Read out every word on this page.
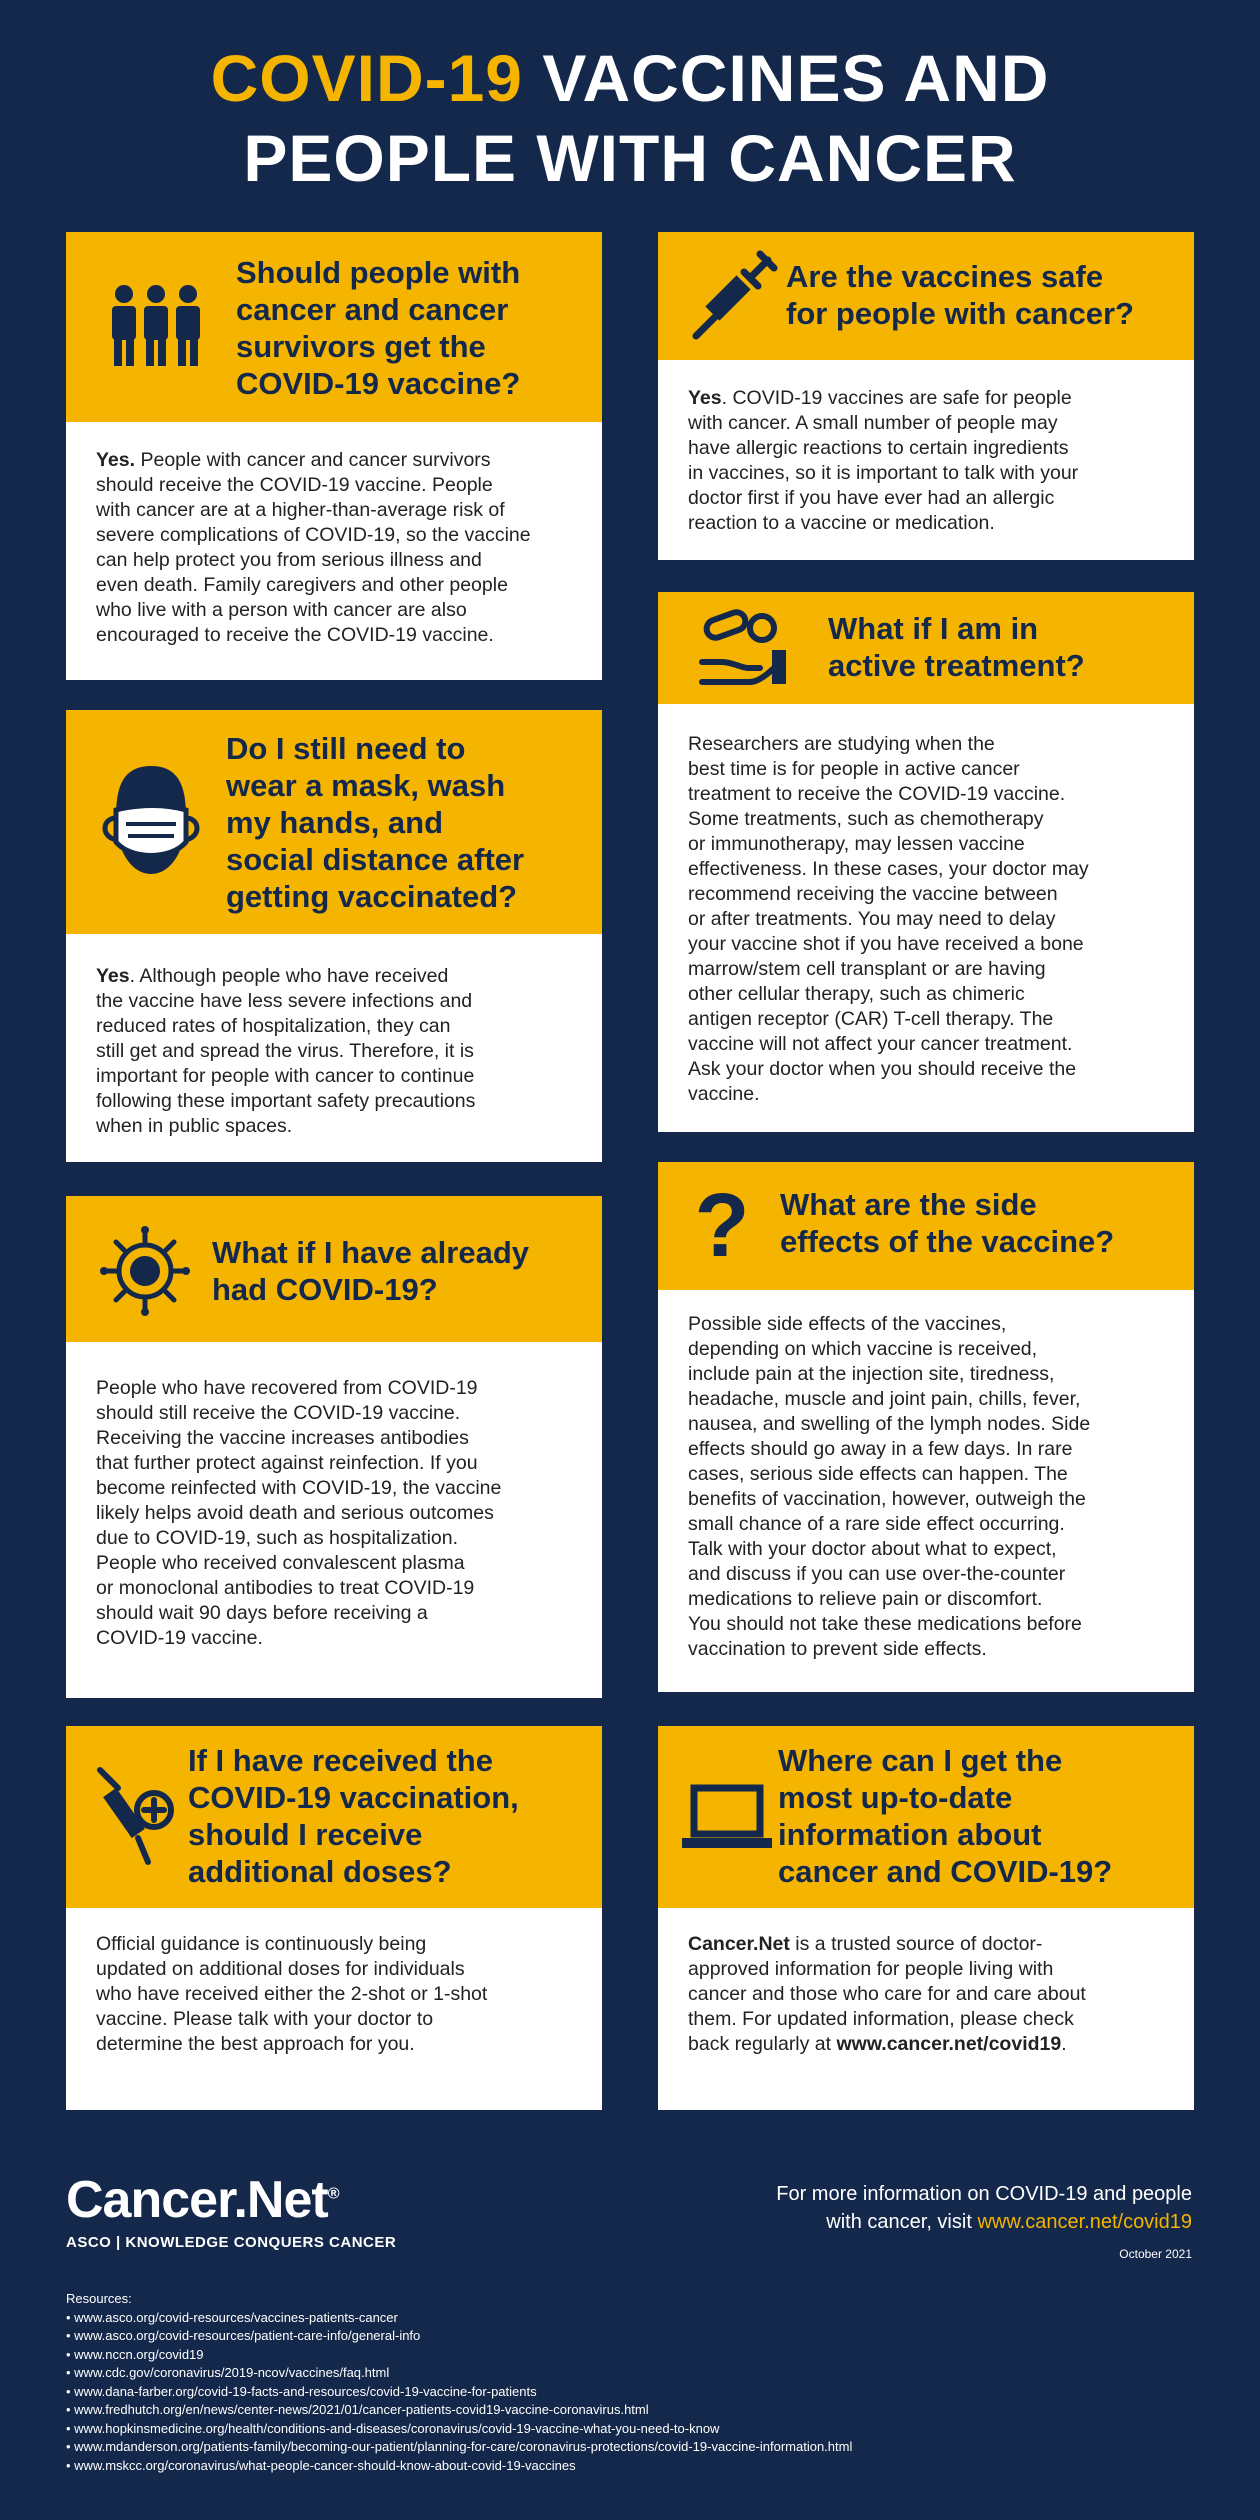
COVID-19 VACCINES AND
PEOPLE WITH CANCER
Should people with
cancer and cancer
survivors get the
COVID-19 vaccine?
Yes. People with cancer and cancer survivors
should receive the COVID-19 vaccine. People
with cancer are at a higher-than-average risk of
severe complications of COVID-19, so the vaccine
can help protect you from serious illness and
even death. Family caregivers and other people
who live with a person with cancer are also
encouraged to receive the COVID-19 vaccine.
Are the vaccines safe
for people with cancer?
Yes. COVID-19 vaccines are safe for people
with cancer. A small number of people may
have allergic reactions to certain ingredients
in vaccines, so it is important to talk with your
doctor first if you have ever had an allergic
reaction to a vaccine or medication.
Do I still need to
wear a mask, wash
my hands, and
social distance after
getting vaccinated?
Yes. Although people who have received
the vaccine have less severe infections and
reduced rates of hospitalization, they can
still get and spread the virus. Therefore, it is
important for people with cancer to continue
following these important safety precautions
when in public spaces.
What if I am in
active treatment?
Researchers are studying when the
best time is for people in active cancer
treatment to receive the COVID-19 vaccine.
Some treatments, such as chemotherapy
or immunotherapy, may lessen vaccine
effectiveness. In these cases, your doctor may
recommend receiving the vaccine between
or after treatments. You may need to delay
your vaccine shot if you have received a bone
marrow/stem cell transplant or are having
other cellular therapy, such as chimeric
antigen receptor (CAR) T-cell therapy. The
vaccine will not affect your cancer treatment.
Ask your doctor when you should receive the
vaccine.
What if I have already
had COVID-19?
People who have recovered from COVID-19
should still receive the COVID-19 vaccine.
Receiving the vaccine increases antibodies
that further protect against reinfection. If you
become reinfected with COVID-19, the vaccine
likely helps avoid death and serious outcomes
due to COVID-19, such as hospitalization.
People who received convalescent plasma
or monoclonal antibodies to treat COVID-19
should wait 90 days before receiving a
COVID-19 vaccine.
? What are the side
effects of the vaccine?
Possible side effects of the vaccines,
depending on which vaccine is received,
include pain at the injection site, tiredness,
headache, muscle and joint pain, chills, fever,
nausea, and swelling of the lymph nodes. Side
effects should go away in a few days. In rare
cases, serious side effects can happen. The
benefits of vaccination, however, outweigh the
small chance of a rare side effect occurring.
Talk with your doctor about what to expect,
and discuss if you can use over-the-counter
medications to relieve pain or discomfort.
You should not take these medications before
vaccination to prevent side effects.
If I have received the
COVID-19 vaccination,
should I receive
additional doses?
Official guidance is continuously being
updated on additional doses for individuals
who have received either the 2-shot or 1-shot
vaccine. Please talk with your doctor to
determine the best approach for you.
Where can I get the
most up-to-date
information about
cancer and COVID-19?
Cancer.Net is a trusted source of doctor-
approved information for people living with
cancer and those who care for and care about
them. For updated information, please check
back regularly at www.cancer.net/covid19.
Cancer.Net®
ASCO | KNOWLEDGE CONQUERS CANCER
For more information on COVID-19 and people
with cancer, visit www.cancer.net/covid19
October 2021
Resources:
• www.asco.org/covid-resources/vaccines-patients-cancer
• www.asco.org/covid-resources/patient-care-info/general-info
• www.nccn.org/covid19
• www.cdc.gov/coronavirus/2019-ncov/vaccines/faq.html
• www.dana-farber.org/covid-19-facts-and-resources/covid-19-vaccine-for-patients
• www.fredhutch.org/en/news/center-news/2021/01/cancer-patients-covid19-vaccine-coronavirus.html
• www.hopkinsmedicine.org/health/conditions-and-diseases/coronavirus/covid-19-vaccine-what-you-need-to-know
• www.mdanderson.org/patients-family/becoming-our-patient/planning-for-care/coronavirus-protections/covid-19-vaccine-information.html
• www.mskcc.org/coronavirus/what-people-cancer-should-know-about-covid-19-vaccines
